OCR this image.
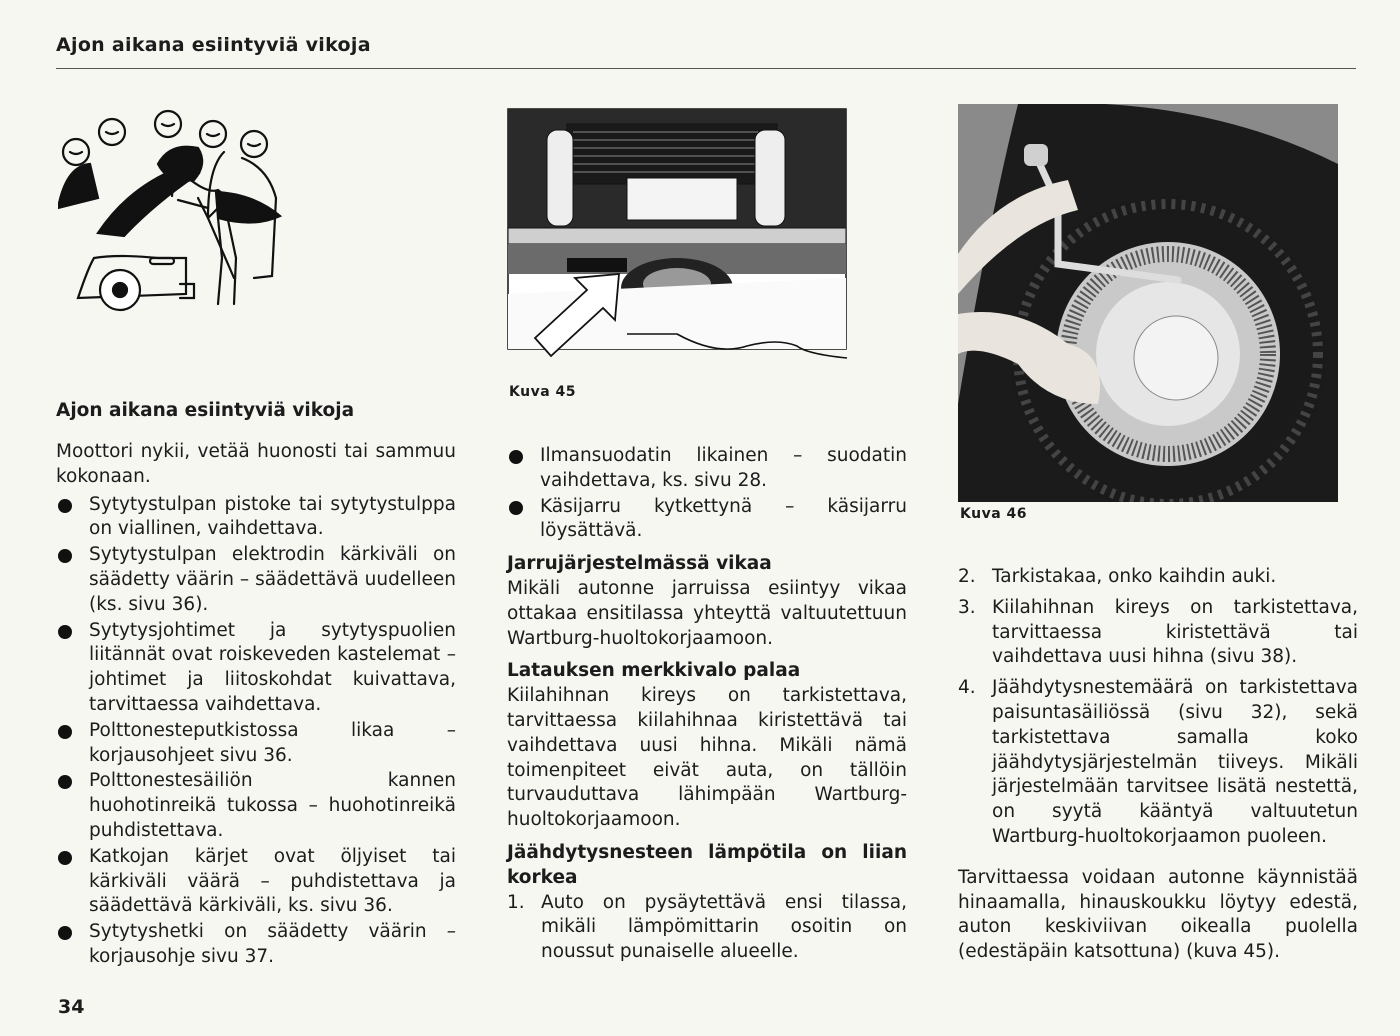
Ajon aikana esiintyviä vikoja
Kuva 45
Kuva 46
Ajon aikana esiintyviä vikoja

Moottori nykii, vetää huonosti tai sammuu kokonaan.

Sytytystulpan pistoke tai sytytystulppa on viallinen, vaihdettava.

Sytytystulpan elektrodin kärkiväli on säädetty väärin – säädettävä uudelleen (ks. sivu 36).

Sytytysjohtimet ja sytytyspuolien liitännät ovat roiskeveden kastelemat – johtimet ja liitoskohdat kuivattava, tarvittaessa vaihdettava.

Polttonesteputkistossa likaa – korjausohjeet sivu 36.

Polttonestesäiliön kannen huohotinreikä tukossa – huohotinreikä puhdistettava.

Katkojan kärjet ovat öljyiset tai kärkiväli väärä – puhdistettava ja säädettävä kärkiväli, ks. sivu 36.

Sytytyshetki on säädetty väärin – korjausohje sivu 37.

Ilmansuodatin likainen – suodatin vaihdettava, ks. sivu 28.

Käsijarru kytkettynä – käsijarru löysättävä.

Jarrujärjestelmässä vikaa

Mikäli autonne jarruissa esiintyy vikaa ottakaa ensitilassa yhteyttä valtuutettuun Wartburg-huoltokorjaamoon.

Latauksen merkkivalo palaa

Kiilahihnan kireys on tarkistettava, tarvittaessa kiilahihnaa kiristettävä tai vaihdettava uusi hihna. Mikäli nämä toimenpiteet eivät auta, on tällöin turvauduttava lähimpään Wartburg-huoltokorjaamoon.

Jäähdytysnesteen lämpötila on liian

korkea

1. Auto on pysäytettävä ensi tilassa, mikäli lämpömittarin osoitin on noussut punaiselle alueelle.

2. Tarkistakaa, onko kaihdin auki.

3. Kiilahihnan kireys on tarkistettava, tarvittaessa kiristettävä tai vaihdettava uusi hihna (sivu 38).

4. Jäähdytysnestemäärä on tarkistettava paisuntasäiliössä (sivu 32), sekä tarkistettava samalla koko jäähdytysjärjestelmän tiiveys. Mikäli järjestelmään tarvitsee lisätä nestettä, on syytä kääntyä valtuutetun Wartburg-huoltokorjaamon puoleen.

Tarvittaessa voidaan autonne käynnistää hinaamalla, hinauskoukku löytyy edestä, auton keskiviivan oikealla puolella (edestäpäin katsottuna) (kuva 45).

34
